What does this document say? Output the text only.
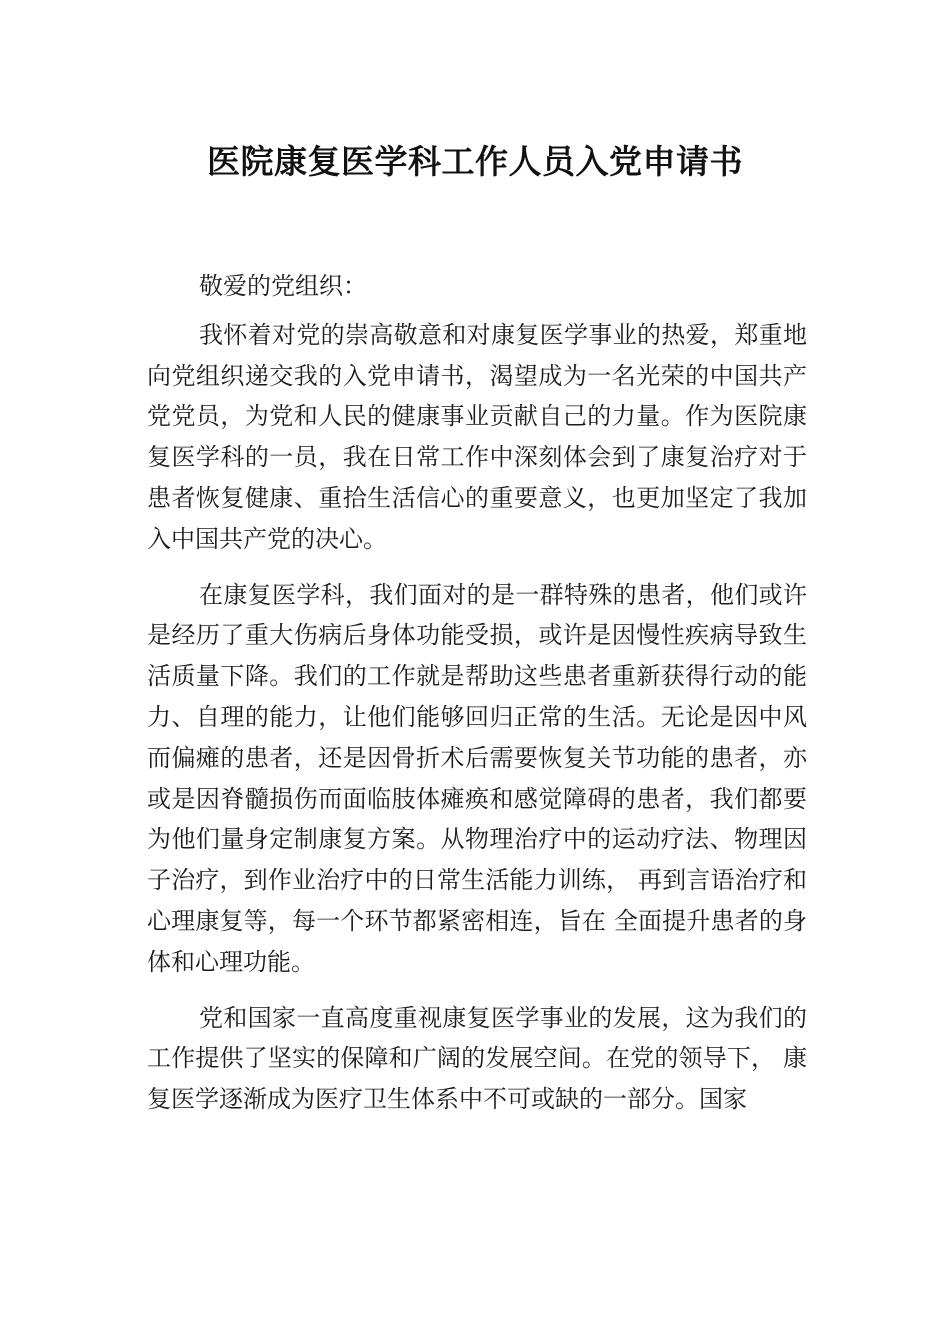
医院康复医学科工作人员入党申请书

敬爱的党组织：

我怀着对党的崇高敬意和对康复医学事业的热爱，郑重地向党组织递交我的入党申请书，渴望成为一名光荣的中国共产党党员，为党和人民的健康事业贡献自己的力量。作为医院康复医学科的一员，我在日常工作中深刻体会到了康复治疗对于患者恢复健康、重拾生活信心的重要意义，也更加坚定了我加入中国共产党的决心。

在康复医学科，我们面对的是一群特殊的患者，他们或许是经历了重大伤病后身体功能受损，或许是因慢性疾病导致生活质量下降。我们的工作就是帮助这些患者重新获得行动的能力、自理的能力，让他们能够回归正常的生活。无论是因中风而偏瘫的患者，还是因骨折术后需要恢复关节功能的患者，亦或是因脊髓损伤而面临肢体瘫痪和感觉障碍的患者，我们都要为他们量身定制康复方案。从物理治疗中的运动疗法、物理因子治疗，到作业治疗中的日常生活能力训练， 再到言语治疗和心理康复等，每一个环节都紧密相连，旨在 全面提升患者的身体和心理功能。

党和国家一直高度重视康复医学事业的发展，这为我们的工作提供了坚实的保障和广阔的发展空间。在党的领导下， 康复医学逐渐成为医疗卫生体系中不可或缺的一部分。国家
